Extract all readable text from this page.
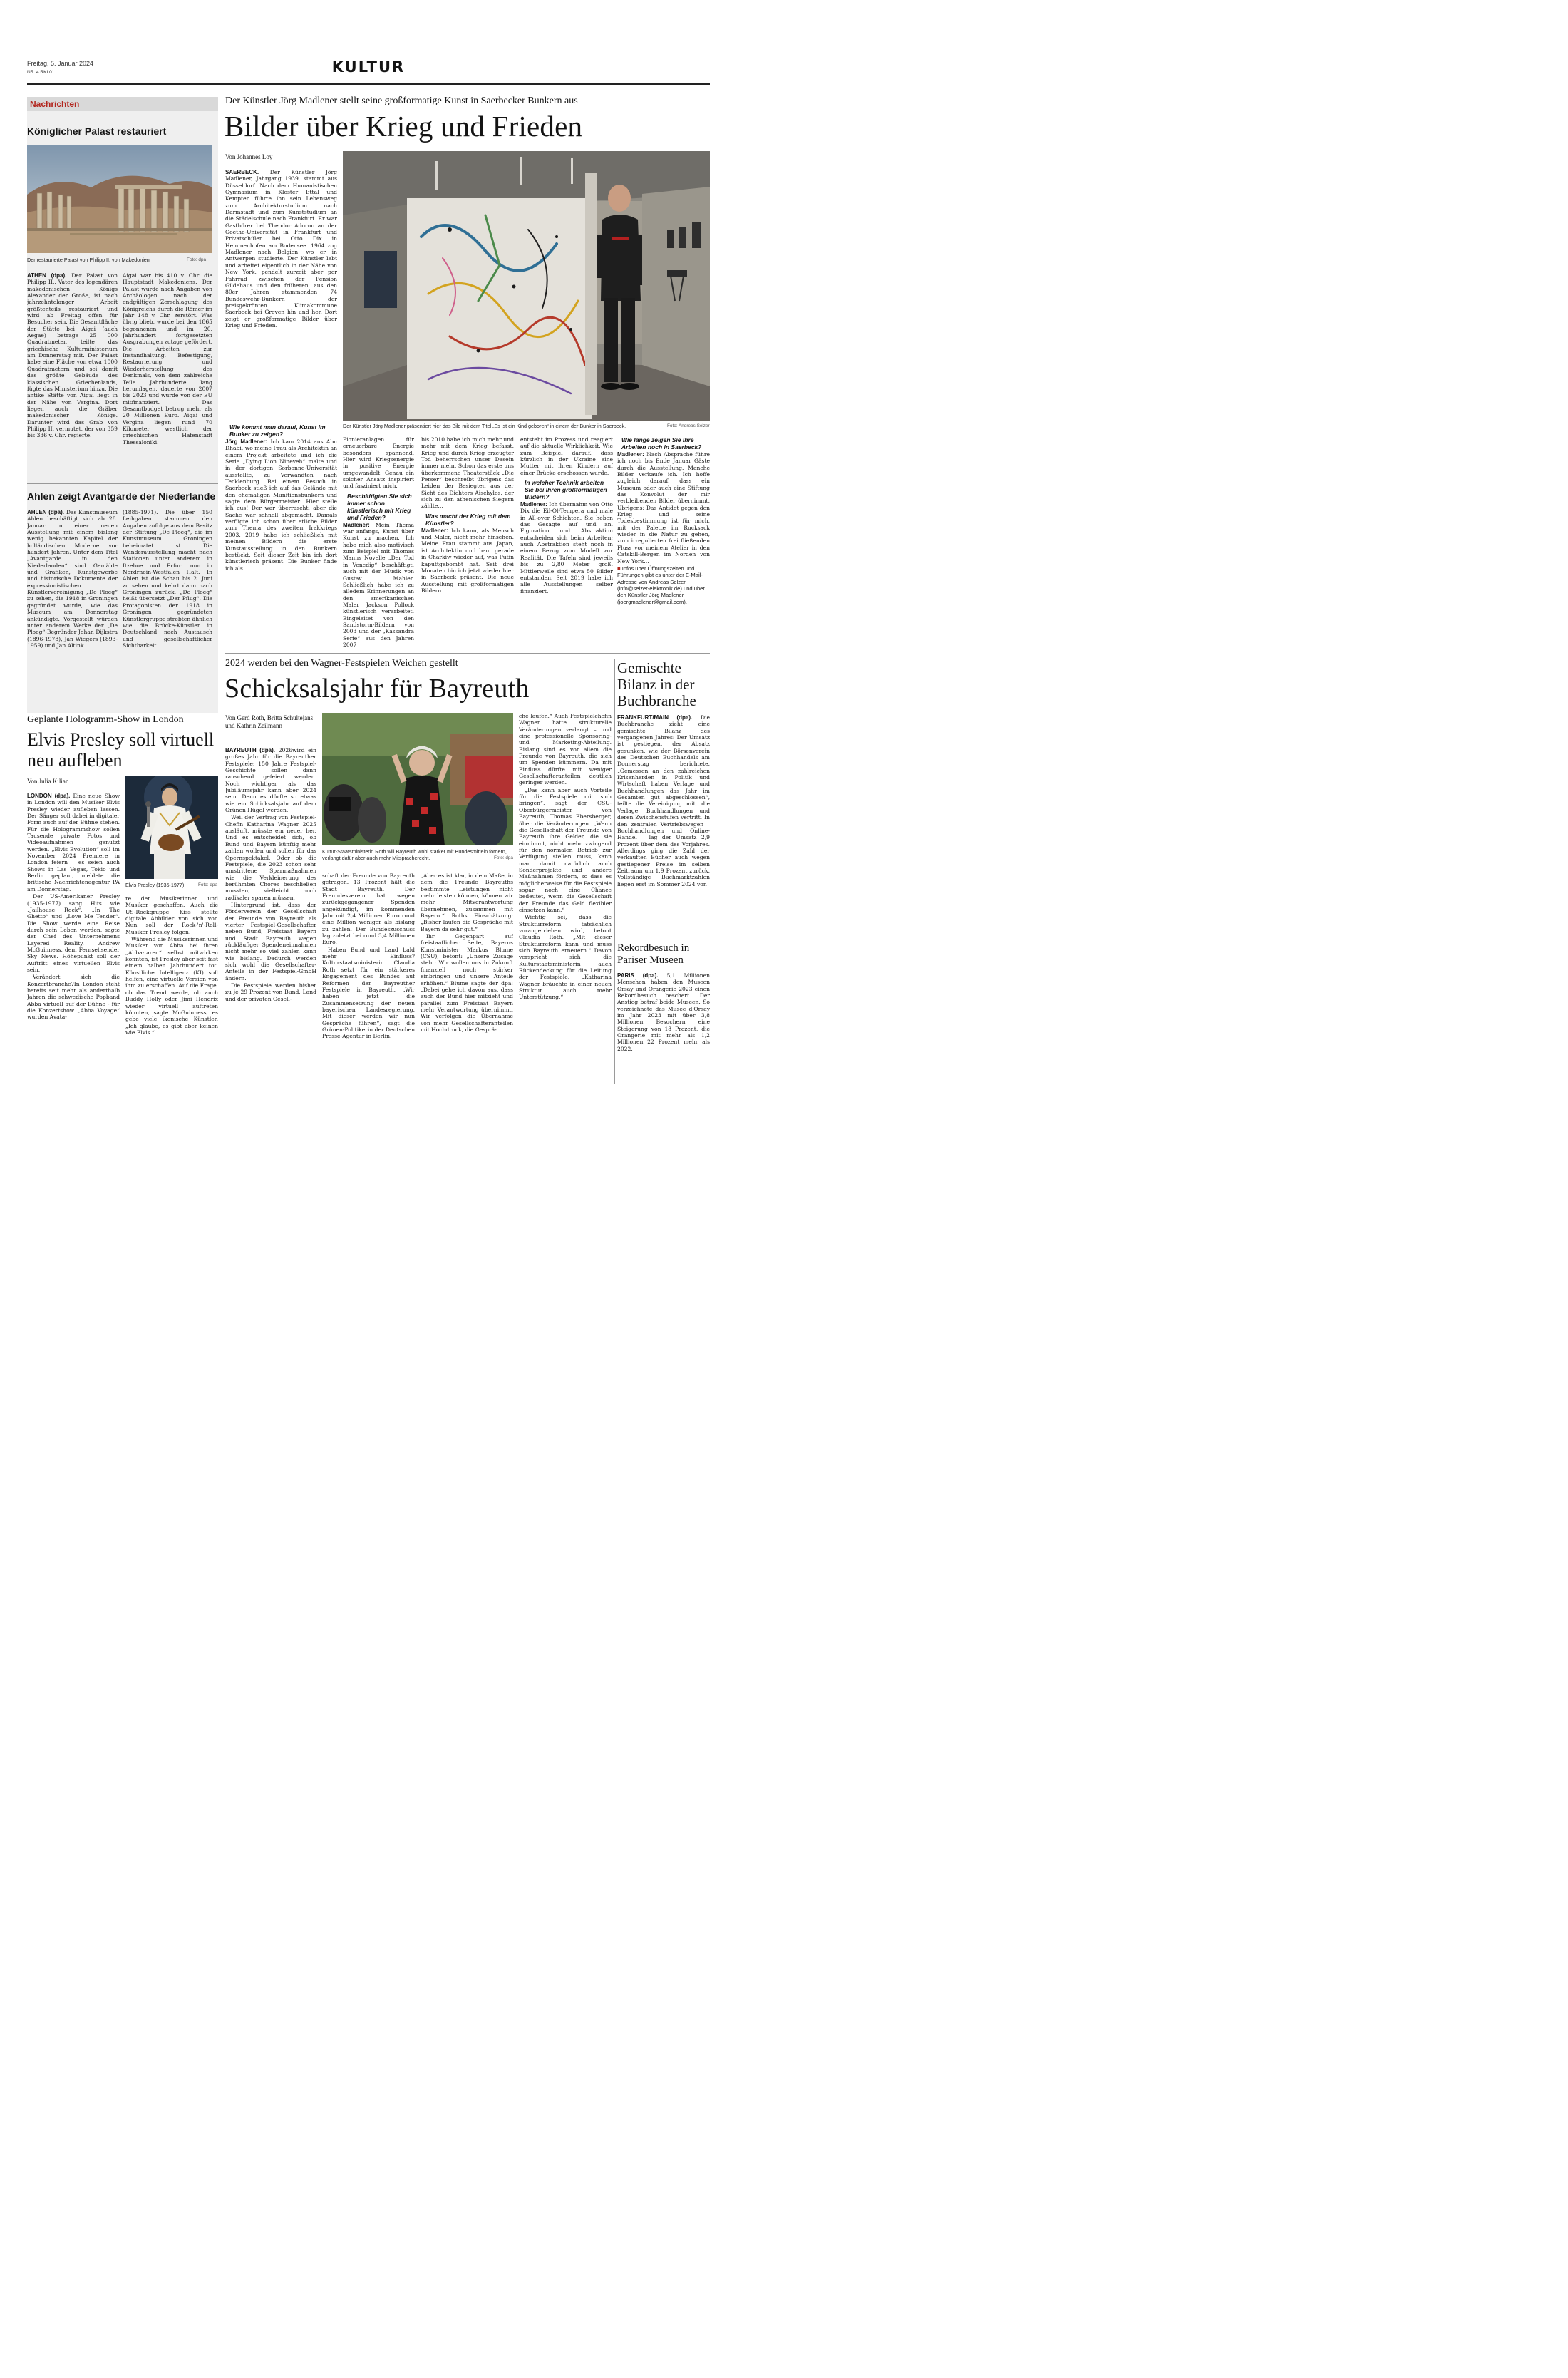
Freitag, 5. Januar 2024
NR. 4 RKL01	KULTUR
Nachrichten
Königlicher Palast restauriert
Der restaurierte Palast von Philipp II. von Makedonien	Foto: dpa
ATHEN (dpa). Der Palast von Philipp II., Vater des legendären makedonischen Königs Alexander der Große, ist nach jahrzehntelanger Arbeit größtenteils restauriert und wird ab Freitag offen für Besucher sein. Die Gesamtfläche der Stätte bei Aigai (auch Aegae) betrage 25 000 Quadratmeter, teilte das griechische Kulturministerium am Donnerstag mit. Der Palast habe eine Fläche von etwa 1000 Quadratmetern und sei damit das größte Gebäude des klassischen Griechenlands, fügte das Ministerium hinzu. Die antike Stätte von Aigai liegt in der Nähe von Vergina. Dort liegen auch die Gräber makedonischer Könige. Darunter wird das Grab von Philipp II. vermutet, der von 359 bis 336 v. Chr. regierte.
Aigai war bis 410 v. Chr. die Hauptstadt Makedoniens. Der Palast wurde nach Angaben von Archäologen nach der endgültigen Zerschlagung des Königreichs durch die Römer im Jahr 148 v. Chr. zerstört. Was übrig blieb, wurde bei den 1865 begonnenen und im 20. Jahrhundert fortgesetzten Ausgrabungen zutage gefördert. Die Arbeiten zur Instandhaltung, Befestigung, Restaurierung und Wiederherstellung des Denkmals, von dem zahlreiche Teile Jahrhunderte lang herumlagen, dauerte von 2007 bis 2023 und wurde von der EU mitfinanziert. Das Gesamtbudget betrug mehr als 20 Millionen Euro. Aigai und Vergina liegen rund 70 Kilometer westlich der griechischen Hafenstadt Thessaloniki.
Ahlen zeigt Avantgarde der Niederlande
AHLEN (dpa). Das Kunstmuseum Ahlen beschäftigt sich ab 28. Januar in einer neuen Ausstellung mit einem bislang wenig bekannten Kapitel der holländischen Moderne vor hundert Jahren. Unter dem Titel „Avantgarde in den Niederlanden“ sind Gemälde und Grafiken, Kunstgewerbe und historische Dokumente der expressionistischen Künstlervereinigung „De Ploeg“ zu sehen, die 1918 in Groningen gegründet wurde, wie das Museum am Donnerstag ankündigte. Vorgestellt würden unter anderem Werke der „De Ploeg“-Begründer Johan Dijkstra (1896-1978), Jan Wiegers (1893-1959) und Jan Altink
(1885-1971). Die über 150 Leihgaben stammen den Angaben zufolge aus dem Besitz der Stiftung „De Ploeg“, die im Kunstmuseum Groningen beheimatet ist. Die Wanderausstellung macht nach Stationen unter anderem in Itzehoe und Erfurt nun in Nordrhein-Westfalen Halt. In Ahlen ist die Schau bis 2. Juni zu sehen und kehrt dann nach Groningen zurück. „De Ploeg“ heißt übersetzt „Der Pflug“. Die Protagonisten der 1918 in Groningen gegründeten Künstlergruppe strebten ähnlich wie die Brücke-Künstler in Deutschland nach Austausch und gesellschaftlicher Sichtbarkeit.
Der Künstler Jörg Madlener stellt seine großformatige Kunst in Saerbecker Bunkern aus
Bilder über Krieg und Frieden
Von Johannes Loy
SAERBECK. Der Künstler Jörg Madlener, Jahrgang 1939, stammt aus Düsseldorf. Nach dem Humanistischen Gymnasium in Kloster Ettal und Kempten führte ihn sein Lebensweg zum Architekturstudium nach Darmstadt und zum Kunststudium an die Städelschule nach Frankfurt. Er war Gasthörer bei Theodor Adorno an der Goethe-Universität in Frankfurt und Privatschüler bei Otto Dix in Hemmenhofen am Bodensee. 1964 zog Madlener nach Belgien, wo er in Antwerpen studierte. Der Künstler lebt und arbeitet eigentlich in der Nähe von New York, pendelt zurzeit aber per Fahrrad zwischen der Pension Gildehaus und den früheren, aus den 80er Jahren stammenden 74 Bundeswehr-Bunkern der preisgekrönten Klimakommune Saerbeck bei Greven hin und her. Dort zeigt er großformatige Bilder über Krieg und Frieden.
Der Künstler Jörg Madlener präsentiert hier das Bild mit dem Titel „Es ist ein Kind geboren“ in einem der Bunker in Saerbeck.	Foto: Andreas Selzer
Wie kommt man darauf, Kunst im Bunker zu zeigen?

Jörg Madlener: Ich kam 2014 aus Abu Dhabi, wo meine Frau als Architektin an einem Projekt arbeitete und ich die Serie „Dying Lion Nineveh“ malte und in der dortigen Sorbonne-Universität ausstellte, zu Verwandten nach Tecklenburg. Bei einem Besuch in Saerbeck stieß ich auf das Gelände mit den ehemaligen Munitionsbunkern und sagte dem Bürgermeister: Hier stelle ich aus! Der war überrascht, aber die Sache war schnell abgemacht. Damals verfügte ich schon über etliche Bilder zum Thema des zweiten Irakkriegs 2003. 2019 habe ich schließlich mit meinen Bildern die erste Kunstausstellung in den Bunkern bestückt. Seit dieser Zeit bin ich dort künstlerisch präsent. Die Bunker finde ich als

Pionieranlagen für erneuerbare Energie besonders spannend. Hier wird Kriegsenergie in positive Energie umgewandelt. Genau ein solcher Ansatz inspiriert und fasziniert mich.

Beschäftigten Sie sich immer schon künstlerisch mit Krieg und Frieden?

Madlener: Mein Thema war anfangs, Kunst über Kunst zu machen. Ich habe mich also motivisch zum Beispiel mit Thomas Manns Novelle „Der Tod in Venedig“ beschäftigt, auch mit der Musik von Gustav Mahler. Schließlich habe ich zu alledem Erinnerungen an den amerikanischen Maler Jackson Pollock künstlerisch verarbeitet. Eingeleitet von den Sandstorm-Bildern von 2003 und der „Kassandra Serie“ aus den Jahren 2007

bis 2010 habe ich mich mehr und mehr mit dem Krieg befasst. Krieg und durch Krieg erzeugter Tod beherrschen unser Dasein immer mehr. Schon das erste uns überkommene Theaterstück „Die Perser“ beschreibt übrigens das Leiden der Besiegten aus der Sicht des Dichters Aischylos, der sich zu den athenischen Siegern zählte…

Was macht der Krieg mit dem Künstler?

Madlener: Ich kann, als Mensch und Maler, nicht mehr hinsehen. Meine Frau stammt aus Japan, ist Architektin und baut gerade in Charkiw wieder auf, was Putin kaputtgebombt hat. Seit drei Monaten bin ich jetzt wieder hier in Saerbeck präsent. Die neue Ausstellung mit großformatigen Bildern

entsteht im Prozess und reagiert auf die aktuelle Wirklichkeit. Wie zum Beispiel darauf, dass kürzlich in der Ukraine eine Mutter mit ihren Kindern auf einer Brücke erschossen wurde.

In welcher Technik arbeiten Sie bei Ihren großformatigen Bildern?

Madlener: Ich übernahm von Otto Dix die Eil-Öl-Tempera und male in All-over Schichten. Sie heben das Gesagte auf und an. Figuration und Abstraktion entscheiden sich beim Arbeiten; auch Abstraktion steht noch in einem Bezug zum Modell zur Realität. Die Tafeln sind jeweils bis zu 2,80 Meter groß. Mittlerweile sind etwa 50 Bilder entstanden. Seit 2019 habe ich alle Ausstellungen selber finanziert.

Wie lange zeigen Sie Ihre Arbeiten noch in Saerbeck?

Madlener: Nach Absprache führe ich noch bis Ende Januar Gäste durch die Ausstellung. Manche Bilder verkaufe ich. Ich hoffe zugleich darauf, dass ein Museum oder auch eine Stiftung das Konvolut der mir verbleibenden Bilder übernimmt. Übrigens: Das Antidot gegen den Krieg und seine Todesbestimmung ist für mich, mit der Palette im Rucksack wieder in die Natur zu gehen, zum irregulierten frei fließenden Fluss vor meinem Atelier in den Catskill-Bergen im Norden von New York…

■ Infos über Öffnungszeiten und Führungen gibt es unter der E-Mail-Adresse von Andreas Selzer (info@selzer-elektronik.de) und über den Künstler Jörg Madlener (joergmadlener@gmail.com).

Geplante Hologramm-Show in London
Elvis Presley soll virtuell neu aufleben
Von Julia Kilian

LONDON (dpa). Eine neue Show in London will den Musiker Elvis Presley wieder aufleben lassen. Der Sänger soll dabei in digitaler Form auch auf der Bühne stehen. Für die Hologrammshow sollen Tausende private Fotos und Videoaufnahmen genutzt werden. „Elvis Evolution“ soll im November 2024 Premiere in London feiern – es seien auch Shows in Las Vegas, Tokio und Berlin geplant, meldete die britische Nachrichtenagentur PA am Donnerstag.

Der US-Amerikaner Presley (1935-1977) sang Hits wie „Jailhouse Rock“, „In The Ghetto“ und „Love Me Tender“. Die Show werde eine Reise durch sein Leben werden, sagte der Chef des Unternehmens Layered Reality, Andrew McGuinness, dem Fernsehsender Sky News. Höhepunkt soll der Auftritt eines virtuellen Elvis sein.

Verändert sich die Konzertbranche?In London steht bereits seit mehr als anderthalb Jahren die schwedische Popband Abba virtuell auf der Bühne - für die Konzertshow „Abba Voyage“ wurden Avata-

Elvis Presley (1935-1977)	Foto: dpa

re der Musikerinnen und Musiker geschaffen. Auch die US-Rockgruppe Kiss stellte digitale Abbilder von sich vor. Nun soll der Rock-'n'-Roll-Musiker Presley folgen.

Während die Musikerinnen und Musiker von Abba bei ihren „Abba-taren“ selbst mitwirken konnten, ist Presley aber seit fast einem halben Jahrhundert tot. Künstliche Intelligenz (KI) soll helfen, eine virtuelle Version von ihm zu erschaffen. Auf die Frage, ob das Trend werde, ob auch Buddy Holly oder Jimi Hendrix wieder virtuell auftreten könnten, sagte McGuinness, es gebe viele ikonische Künstler. „Ich glaube, es gibt aber keinen wie Elvis.“

2024 werden bei den Wagner-Festspielen Weichen gestellt
Schicksalsjahr für Bayreuth
Von Gerd Roth, Britta Schultejans und Kathrin Zeilmann

BAYREUTH (dpa). 2026wird ein großes Jahr für die Bayreuther Festspiele: 150 Jahre Festspiel-Geschichte sollen dann rauschend gefeiert werden. Noch wichtiger als das Jubiläumsjahr kann aber 2024 sein. Denn es dürfte so etwas wie ein Schicksalsjahr auf dem Grünen Hügel werden.

Weil der Vertrag von Festspiel-Chefin Katharina Wagner 2025 ausläuft, müsste ein neuer her. Und es entscheidet sich, ob Bund und Bayern künftig mehr zahlen wollen und sollen für das Opernspektakel. Oder ob die Festspiele, die 2023 schon sehr umstrittene Sparmaßnahmen wie die Verkleinerung des berühmten Chores beschließen mussten, vielleicht noch radikaler sparen müssen.

Hintergrund ist, dass der Förderverein der Gesellschaft der Freunde von Bayreuth als vierter Festspiel-Gesellschafter neben Bund, Freistaat Bayern und Stadt Bayreuth wegen rückläufiger Spendeneinnahmen nicht mehr so viel zahlen kann wie bislang. Dadurch werden sich wohl die Gesellschafter-Anteile in der Festspiel-GmbH ändern.

Die Festspiele werden bisher zu je 29 Prozent von Bund, Land und der privaten Gesell-

Kultur-Staatsministerin Roth will Bayreuth wohl stärker mit Bundesmitteln fördern, verlangt dafür aber auch mehr Mitspracherecht.	Foto: dpa

schaft der Freunde von Bayreuth getragen. 13 Prozent hält die Stadt Bayreuth. Der Freundesverein hat wegen zurückgegangener Spenden angekündigt, im kommenden Jahr mit 2,4 Millionen Euro rund eine Million weniger als bislang zu zahlen. Der Bundeszuschuss lag zuletzt bei rund 3,4 Millionen Euro.

Haben Bund und Land bald mehr Einfluss? Kulturstaatsministerin Claudia Roth setzt für ein stärkeres Engagement des Bundes auf Reformen der Bayreuther Festspiele in Bayreuth. „Wir haben jetzt die Zusammensetzung der neuen bayerischen Landesregierung. Mit dieser werden wir nun Gespräche führen“, sagt die Grünen-Politikerin der Deutschen Presse-Agentur in Berlin.

„Aber es ist klar, in dem Maße, in dem die Freunde Bayreuths bestimmte Leistungen nicht mehr leisten können, können wir mehr Mitverantwortung übernehmen, zusammen mit Bayern.“ Roths Einschätzung: „Bisher laufen die Gespräche mit Bayern da sehr gut.“

Ihr Gegenpart auf freistaatlicher Seite, Bayerns Kunstminister Markus Blume (CSU), betont: „Unsere Zusage steht: Wir wollen uns in Zukunft finanziell noch stärker einbringen und unsere Anteile erhöhen.“ Blume sagte der dpa: „Dabei gehe ich davon aus, dass auch der Bund hier mitzieht und parallel zum Freistaat Bayern mehr Verantwortung übernimmt. Wir verfolgen die Übernahme von mehr Gesellschafteranteilen mit Hochdruck, die Gesprä-

che laufen.“ Auch Festspielchefin Wagner hatte strukturelle Veränderungen verlangt – und eine professionelle Sponsoring- und Marketing-Abteilung. Bislang sind es vor allem die Freunde von Bayreuth, die sich um Spenden kümmern. Da mit Einfluss dürfte mit weniger Gesellschafteranteilen deutlich geringer werden.

„Das kann aber auch Vorteile für die Festspiele mit sich bringen“, sagt der CSU-Oberbürgermeister von Bayreuth, Thomas Ebersberger, über die Veränderungen. „Wenn die Gesellschaft der Freunde von Bayreuth ihre Gelder, die sie einnimmt, nicht mehr zwingend für den normalen Betrieb zur Verfügung stellen muss, kann man damit natürlich auch Sonderprojekte und andere Maßnahmen fördern, so dass es möglicherweise für die Festspiele sogar noch eine Chance bedeutet, wenn die Gesellschaft der Freunde das Geld flexibler einsetzen kann.“

Wichtig sei, dass die Strukturreform tatsächlich vorangetrieben wird, betont Claudia Roth. „Mit dieser Strukturreform kann und muss sich Bayreuth erneuern.“ Davon verspricht sich die Kulturstaatsministerin auch Rückendeckung für die Leitung der Festspiele. „Katharina Wagner bräuchte in einer neuen Struktur auch mehr Unterstützung.“

Gemischte Bilanz in der Buchbranche
FRANKFURT/MAIN (dpa). Die Buchbranche zieht eine gemischte Bilanz des vergangenen Jahres: Der Umsatz ist gestiegen, der Absatz gesunken, wie der Börsenverein des Deutschen Buchhandels am Donnerstag berichtete. „Gemessen an den zahlreichen Krisenherden in Politik und Wirtschaft haben Verlage und Buchhandlungen das Jahr im Gesamten gut abgeschlossen“, teilte die Vereinigung mit, die Verlage, Buchhandlungen und deren Zwischenstufen vertritt. In den zentralen Vertriebswegen – Buchhandlungen und Online-Handel – lag der Umsatz 2,9 Prozent über dem des Vorjahres. Allerdings ging die Zahl der verkauften Bücher auch wegen gestiegener Preise im selben Zeitraum um 1,9 Prozent zurück. Vollständige Buchmarktzahlen liegen erst im Sommer 2024 vor.
Rekordbesuch in Pariser Museen
PARIS (dpa). 5,1 Millionen Menschen haben den Museen Orsay und Orangerie 2023 einen Rekordbesuch beschert. Der Anstieg betraf beide Museen. So verzeichnete das Musée d'Orsay im Jahr 2023 mit über 3,8 Millionen Besuchern eine Steigerung von 18 Prozent, die Orangerie mit mehr als 1,2 Millionen 22 Prozent mehr als 2022.
